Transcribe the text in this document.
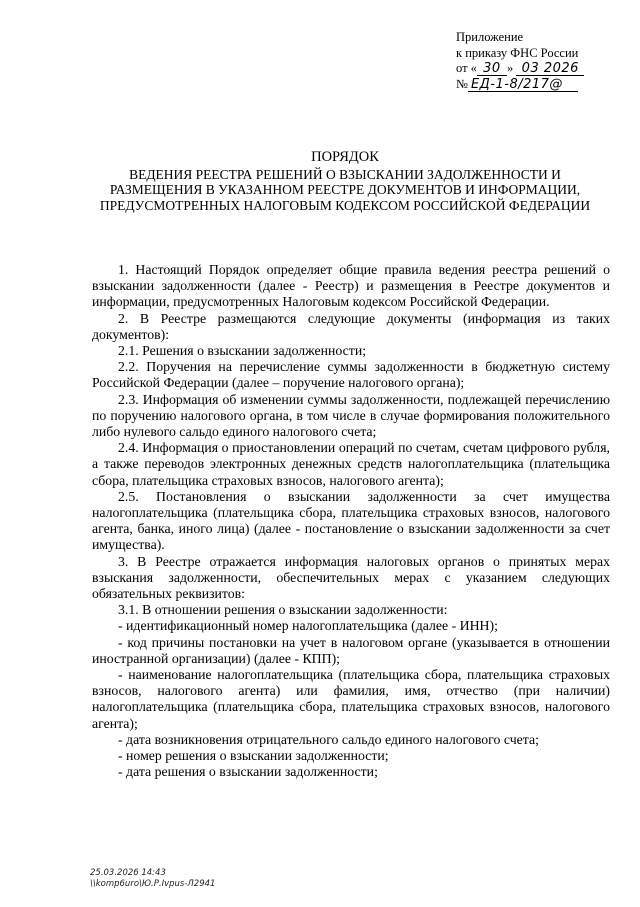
Приложение
к приказу ФНС России
от « 30 » 03 2026
№ ЕД-1-8/217@
ПОРЯДОК
ВЕДЕНИЯ РЕЕСТРА РЕШЕНИЙ О ВЗЫСКАНИИ ЗАДОЛЖЕННОСТИ И
РАЗМЕЩЕНИЯ В УКАЗАННОМ РЕЕСТРЕ ДОКУМЕНТОВ И ИНФОРМАЦИИ,
ПРЕДУСМОТРЕННЫХ НАЛОГОВЫМ КОДЕКСОМ РОССИЙСКОЙ ФЕДЕРАЦИИ

1. Настоящий Порядок определяет общие правила ведения реестра решений о взыскании задолженности (далее - Реестр) и размещения в Реестре документов и информации, предусмотренных Налоговым кодексом Российской Федерации.

2. В Реестре размещаются следующие документы (информация из таких документов):

2.1. Решения о взыскании задолженности;

2.2. Поручения на перечисление суммы задолженности в бюджетную систему Российской Федерации (далее – поручение налогового органа);

2.3. Информация об изменении суммы задолженности, подлежащей перечислению по поручению налогового органа, в том числе в случае формирования положительного либо нулевого сальдо единого налогового счета;

2.4. Информация о приостановлении операций по счетам, счетам цифрового рубля, а также переводов электронных денежных средств налогоплательщика (плательщика сбора, плательщика страховых взносов, налогового агента);

2.5. Постановления о взыскании задолженности за счет имущества налогоплательщика (плательщика сбора, плательщика страховых взносов, налогового агента, банка, иного лица) (далее - постановление о взыскании задолженности за счет имущества).

3. В Реестре отражается информация налоговых органов о принятых мерах взыскания задолженности, обеспечительных мерах с указанием следующих обязательных реквизитов:

3.1. В отношении решения о взыскании задолженности:

- идентификационный номер налогоплательщика (далее - ИНН);

- код причины постановки на учет в налоговом органе (указывается в отношении иностранной организации) (далее - КПП);

- наименование налогоплательщика (плательщика сбора, плательщика страховых взносов, налогового агента) или фамилия, имя, отчество (при наличии) налогоплательщика (плательщика сбора, плательщика страховых взносов, налогового агента);

- дата возникновения отрицательного сальдо единого налогового счета;

- номер решения о взыскании задолженности;

- дата решения о взыскании задолженности;

25.03.2026 14:43
\\komp6uro\Ю.Р.Ivpus-Л2941
